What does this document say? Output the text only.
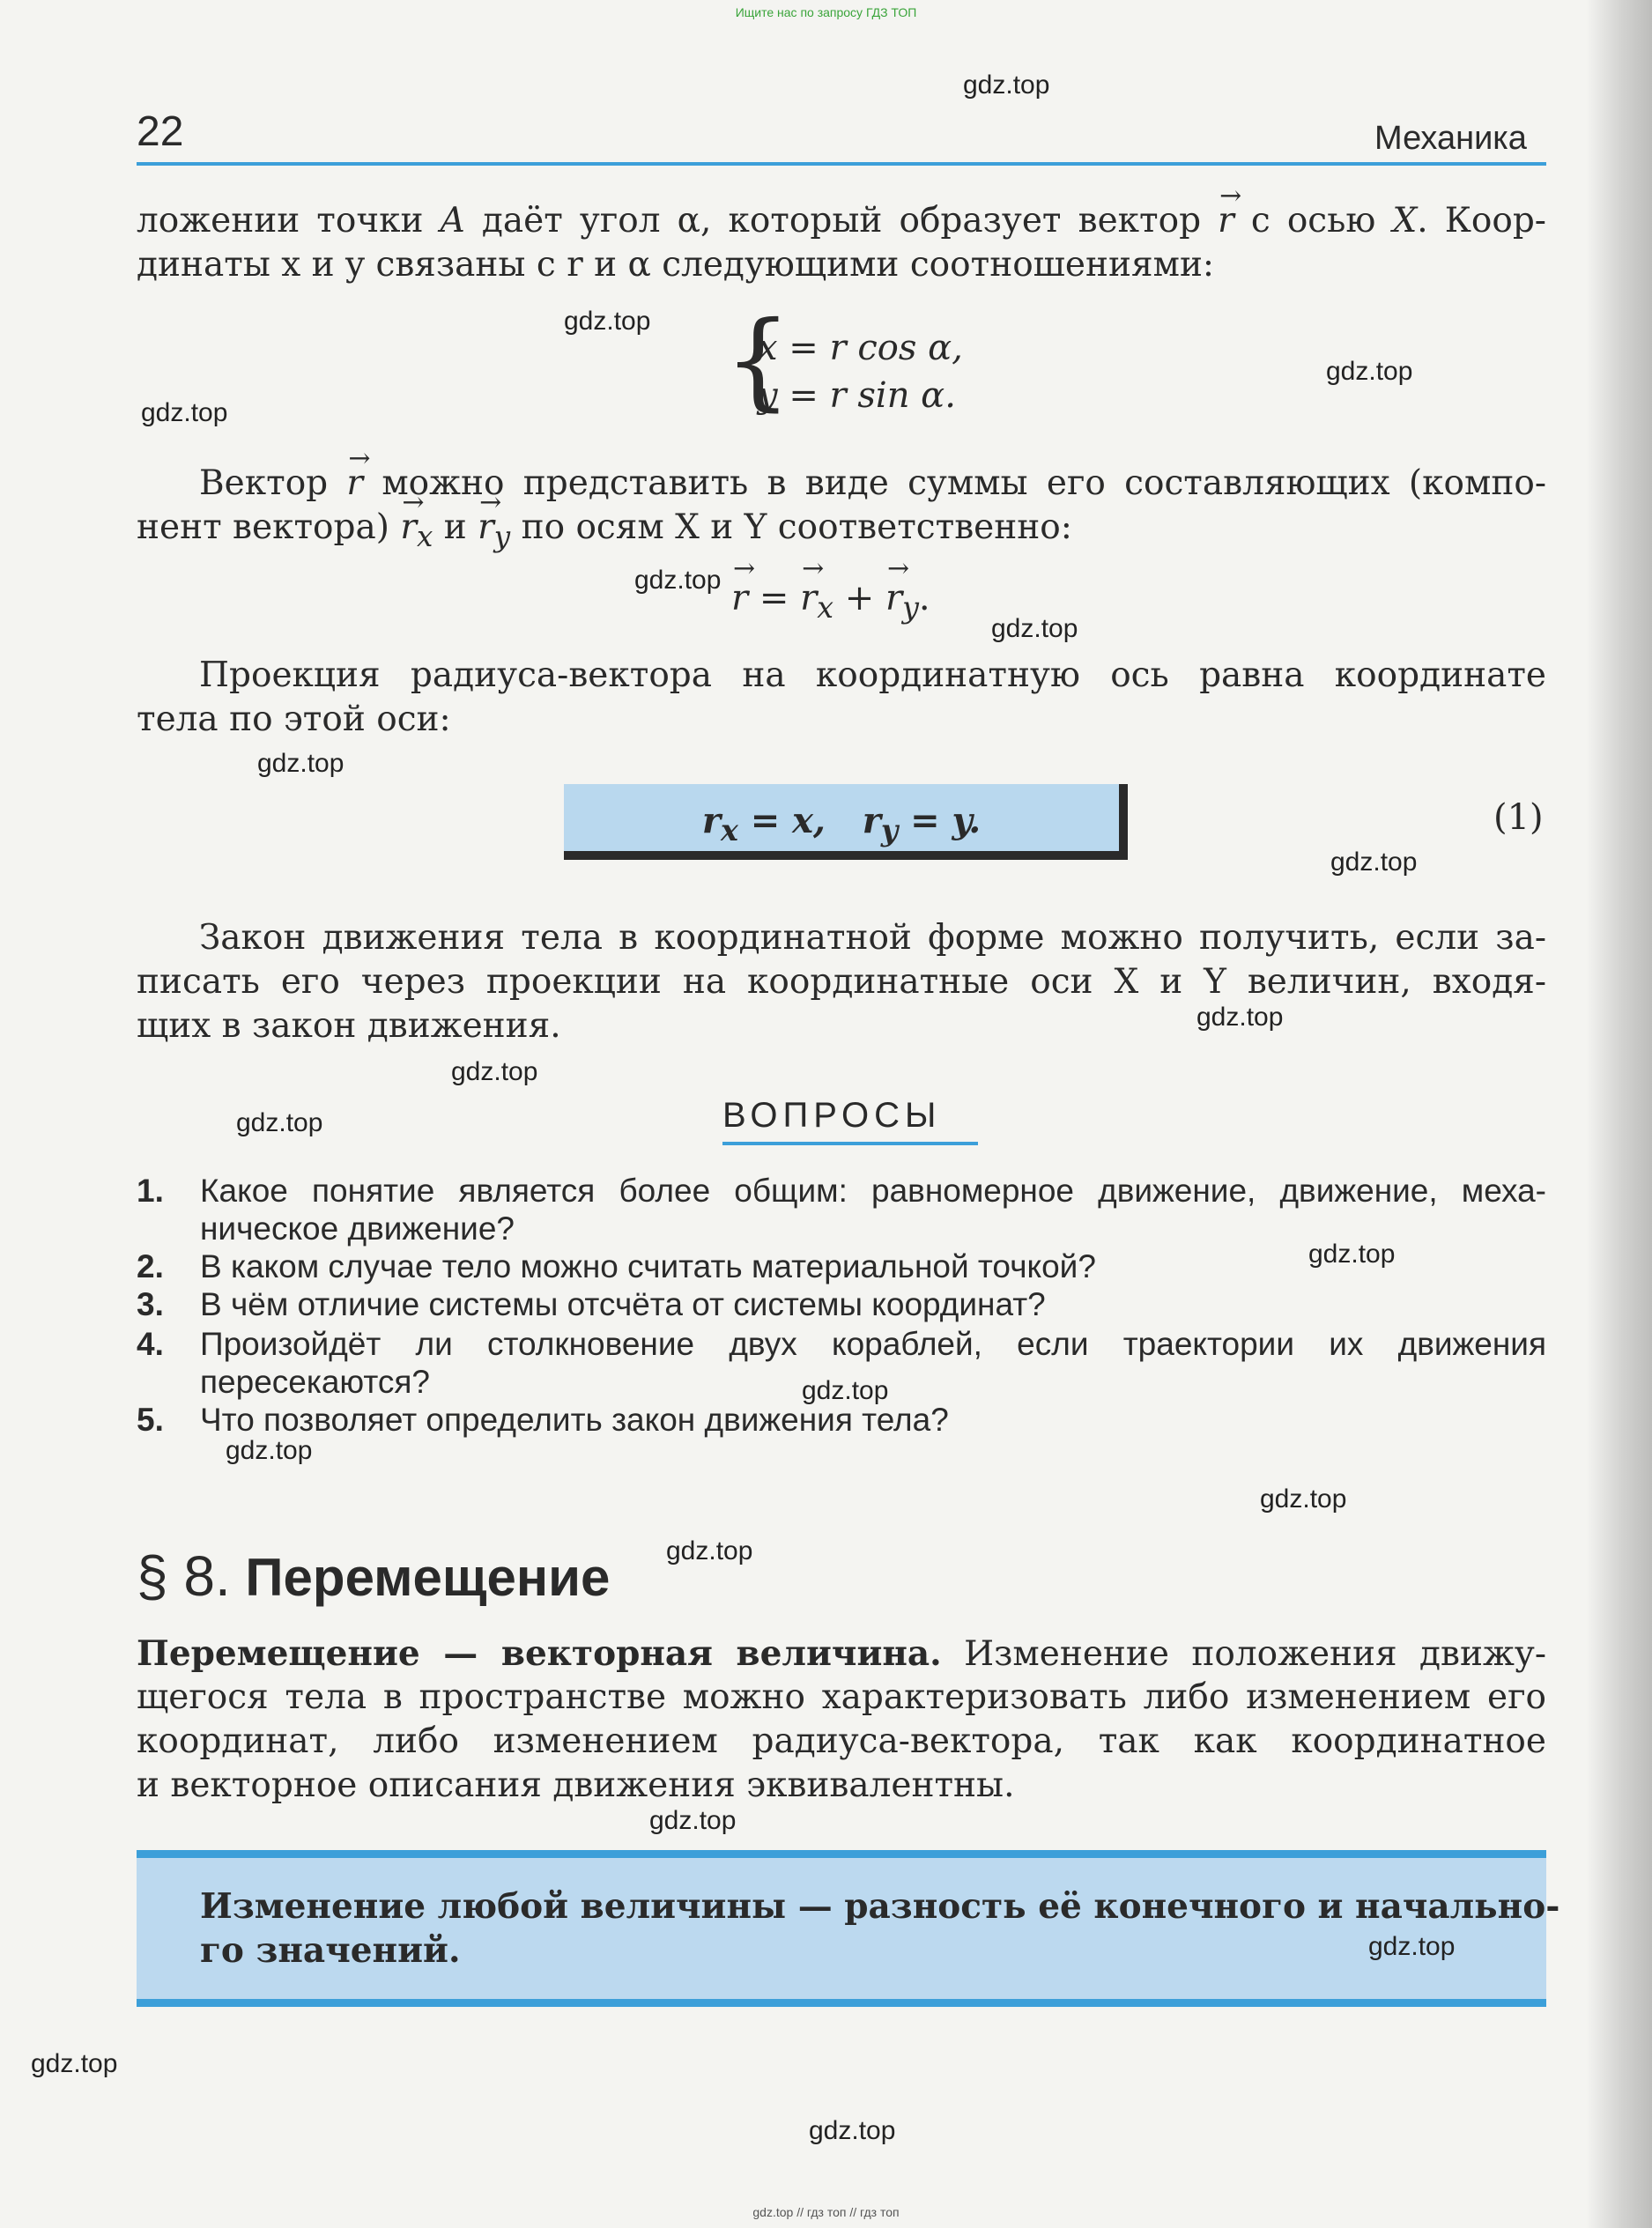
Ищите нас по запросу ГДЗ ТОП
22	Механика
ложении точки A даёт угол α, который образует вектор → r с осью X. Коор-
динаты x и y связаны с r и α следующими соотношениями:
{
x = r cos α,
y = r sin α.
Вектор → r можно представить в виде суммы его составляющих (компо-
нент вектора) → $r_x$ $и \to r_y$ по осям X и Y соответственно:
→ r = → $r_x$ + → $r_y$.
Проекция радиуса-вектора на координатную ось равна координате
тела по этой оси:
$r_x = x$,   $r_y = y$.	(1)
Закон движения тела в координатной форме можно получить, если за-
писать его через проекции на координатные оси X и Y величин, входя-
щих в закон движения.
ВОПРОСЫ
1. Какое понятие является более общим: равномерное движение, движение, меха-
ническое движение?
2. В каком случае тело можно считать материальной точкой?
3. В чём отличие системы отсчёта от системы координат?
4. Произойдёт ли столкновение двух кораблей, если траектории их движения
пересекаются?
5. Что позволяет определить закон движения тела?
§ 8. Перемещение
Перемещение — векторная величина. Изменение положения движу-
щегося тела в пространстве можно характеризовать либо изменением его
координат, либо изменением радиуса-вектора, так как координатное
и векторное описания движения эквивалентны.
Изменение любой величины — разность её конечного и начально-
го значений.
gdz.top
gdz.top
gdz.top
gdz.top
gdz.top
gdz.top
gdz.top
gdz.top
gdz.top
gdz.top
gdz.top
gdz.top
gdz.top
gdz.top
gdz.top
gdz.top
gdz.top
gdz.top
gdz.top
gdz.top
gdz.top // гдз топ // гдз топ
